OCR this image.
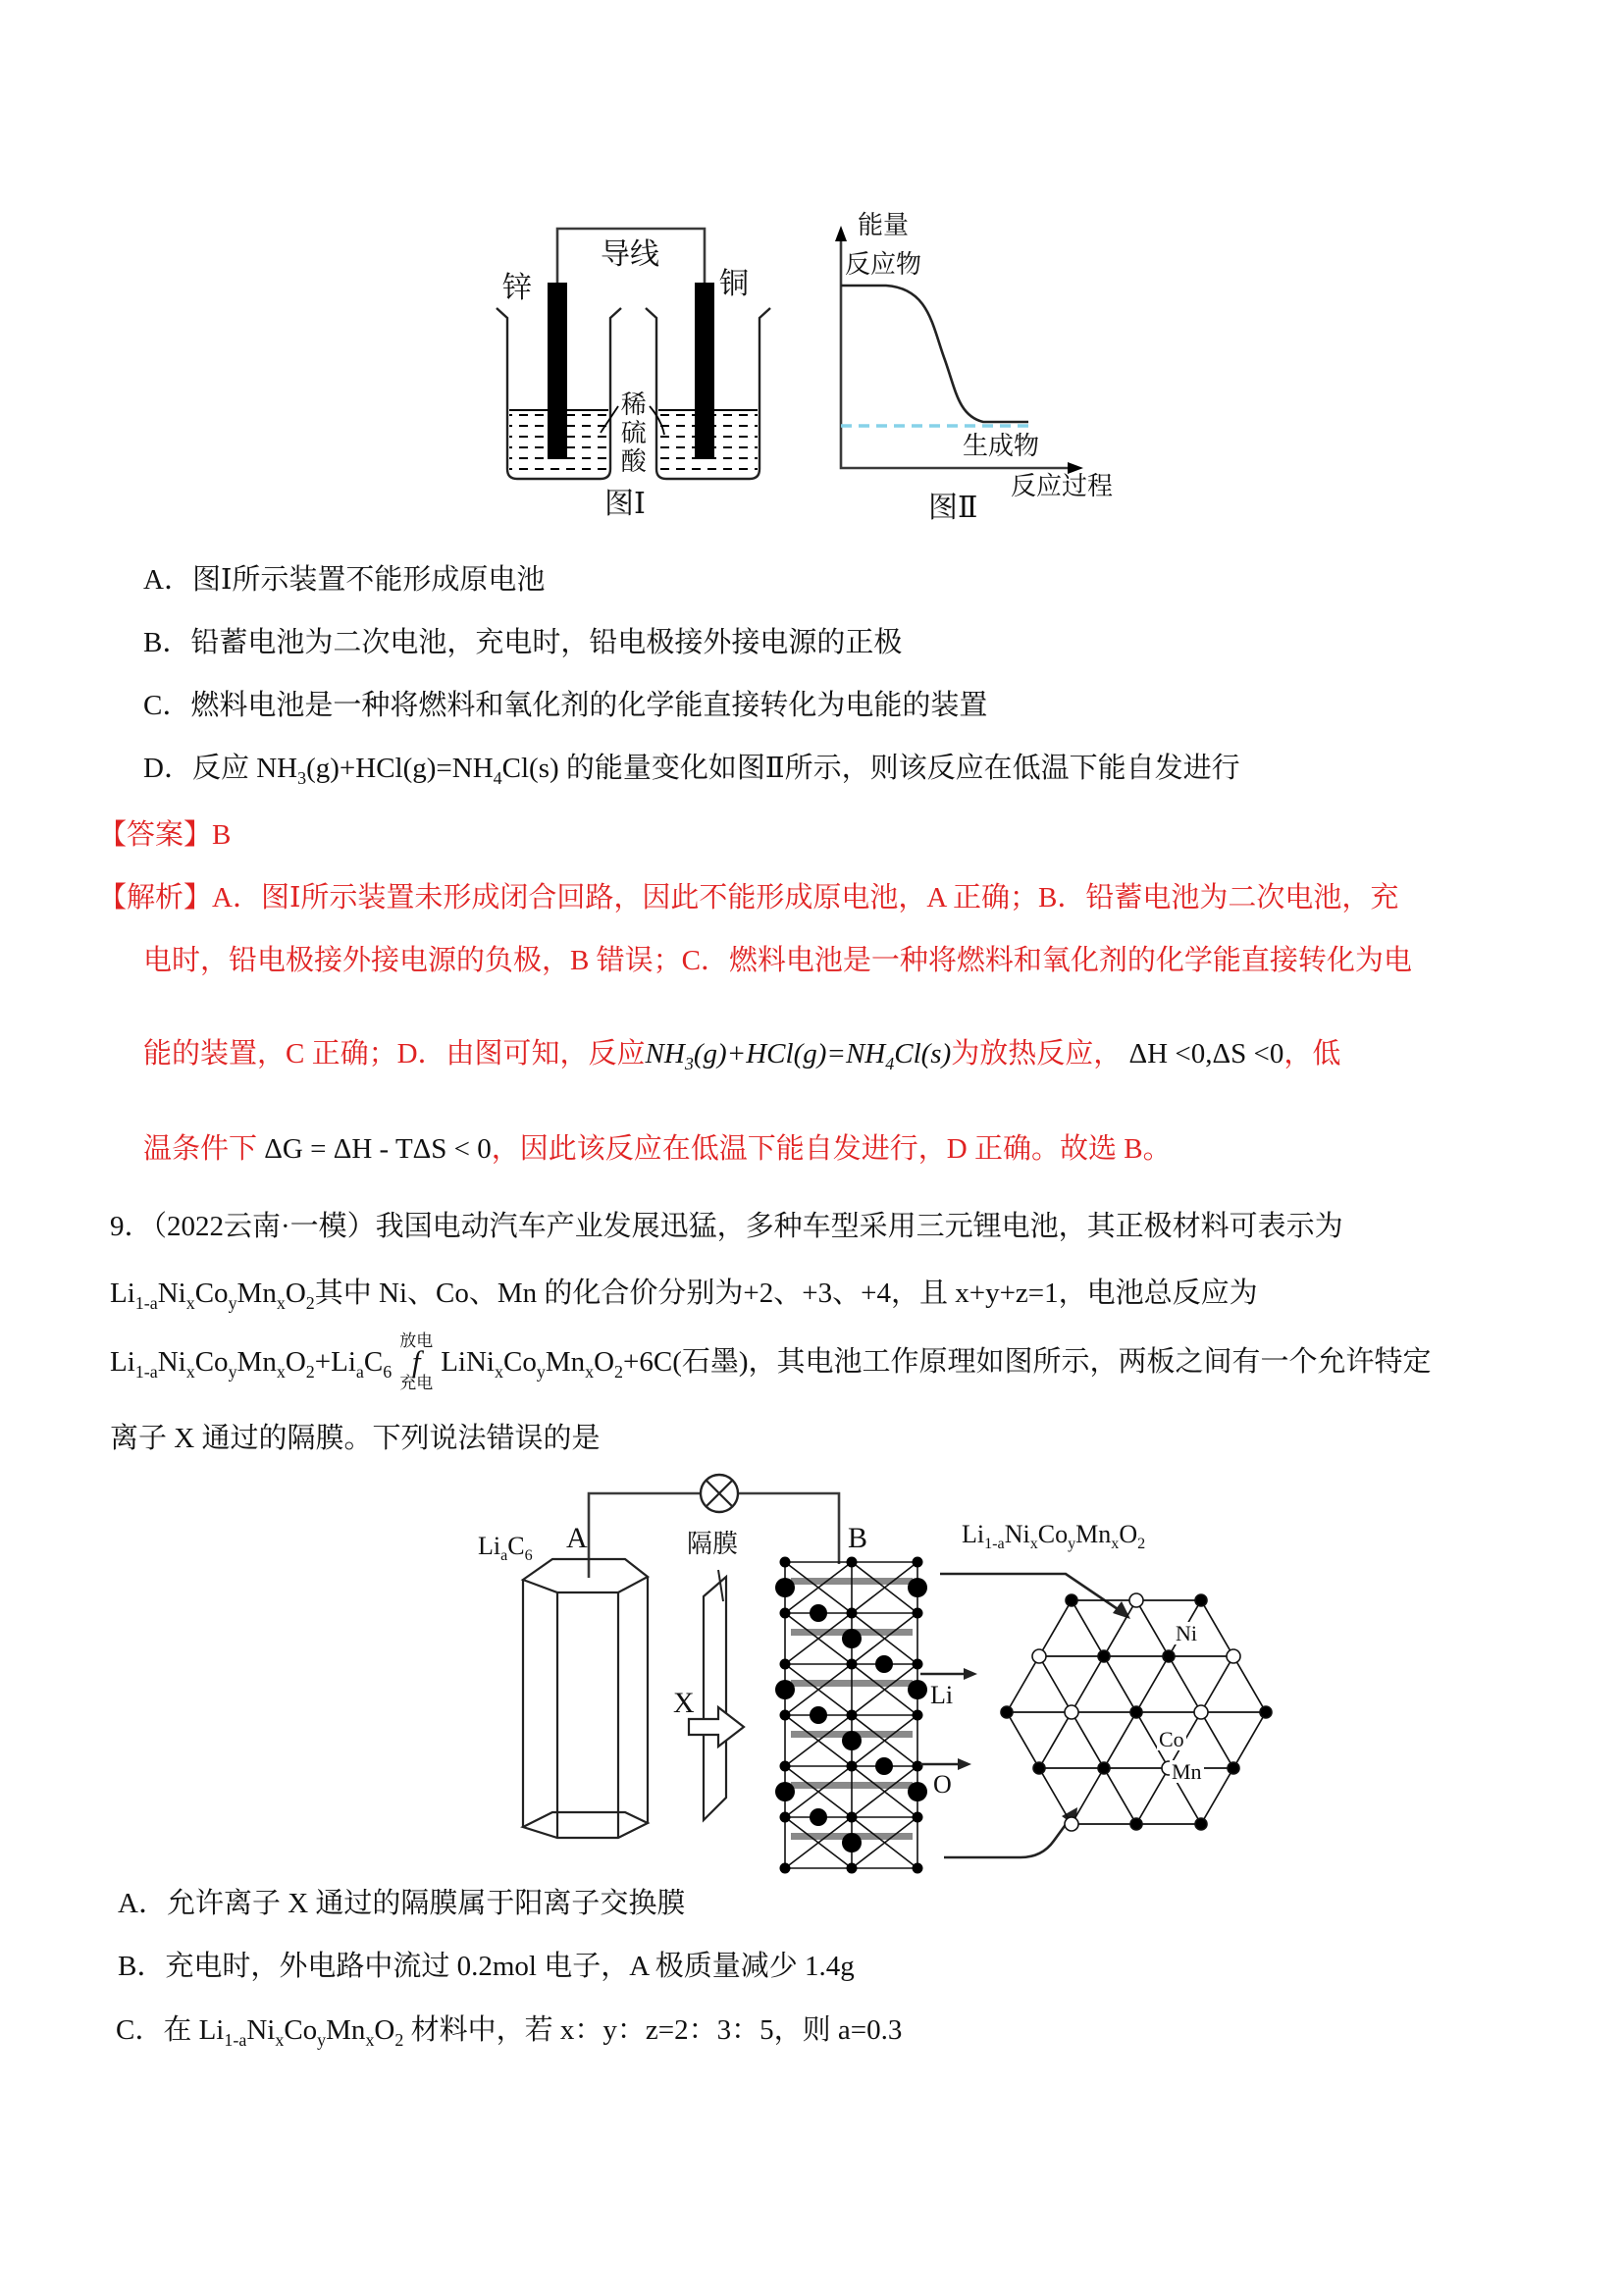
导线
锌	铜
稀硫酸
图Ⅰ
能量
反应物
生成物
反应过程
图Ⅱ
$Li_aC_6$
A	隔膜	B	$Li_{1-a}Ni_xCo_yMn_xO_2$
X	Li
O
Ni
Co
Mn
A．图Ⅰ所示装置不能形成原电池
B．铅蓄电池为二次电池，充电时，铅电极接外接电源的正极
C．燃料电池是一种将燃料和氧化剂的化学能直接转化为电能的装置
D．反应 $NH_3(g)+HCl(g)=NH_4Cl(s)$ 的能量变化如图Ⅱ所示，则该反应在低温下能自发进行
【答案】B
【解析】A．图Ⅰ所示装置未形成闭合回路，因此不能形成原电池，A 正确；B．铅蓄电池为二次电池，充
电时，铅电极接外接电源的负极，B 错误；C．燃料电池是一种将燃料和氧化剂的化学能直接转化为电
能的装置，C 正确；D．由图可知，反应$NH_3(g)+HCl(g)=NH_4Cl(s)$为放热反应， ΔH <0,ΔS <0，低
温条件下 ΔG = ΔH - TΔS < 0，因此该反应在低温下能自发进行，D 正确。故选 B。
9．（2022云南·一模）我国电动汽车产业发展迅猛，多种车型采用三元锂电池，其正极材料可表示为
$Li_{1-a}Ni_xCo_yMn_xO_2$其中 Ni、Co、Mn 的化合价分别为+2、+3、+4，且 x+y+z=1，电池总反应为
$Li_{1-a}Ni_xCo_yMn_xO_2+Li_aC_6$
放电
f
充电
$LiNi_xCo_yMn_xO_2+6C$(石墨)，其电池工作原理如图所示，两板之间有一个允许特定
离子 X 通过的隔膜。下列说法错误的是
A．允许离子 X 通过的隔膜属于阳离子交换膜
B．充电时，外电路中流过 0.2mol 电子，A 极质量减少 1.4g
C．在 $Li_{1-a}Ni_xCo_yMn_xO_2$ 材料中，若 x：y：z=2：3：5，则 a=0.3
